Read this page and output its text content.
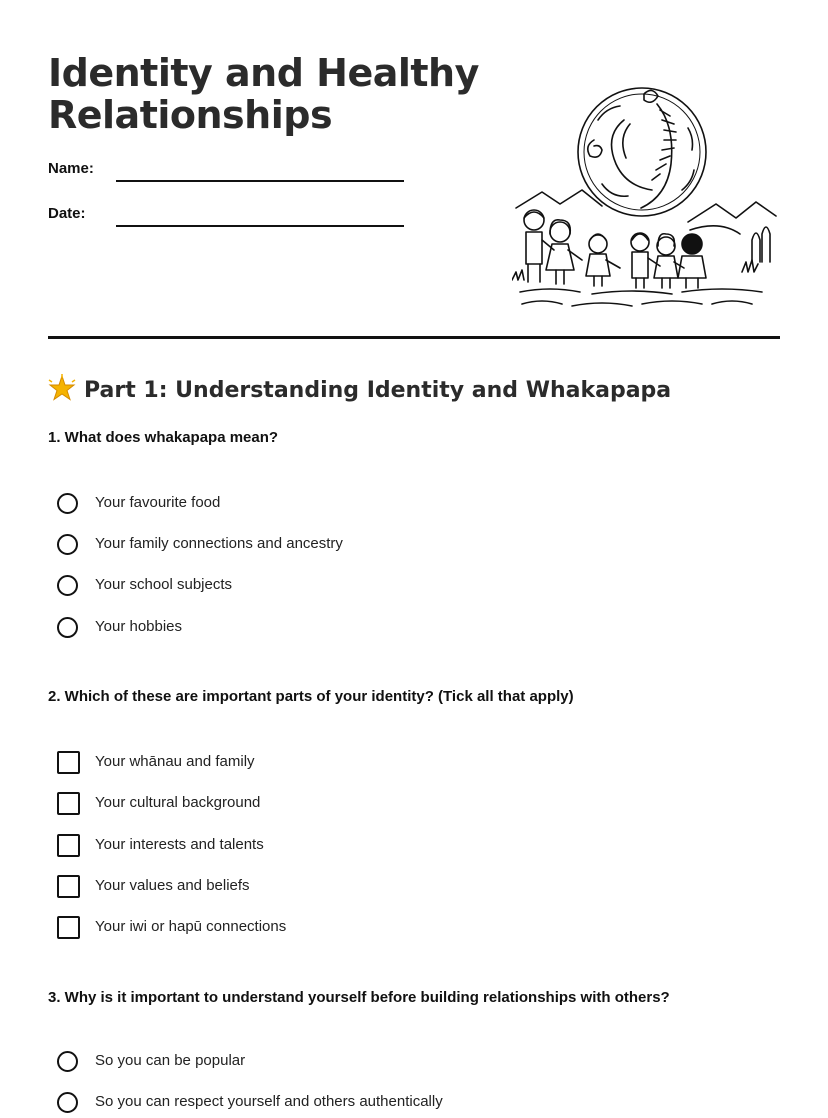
Identity and Healthy Relationships
Name:
Date:
Part 1: Understanding Identity and Whakapapa
1. What does whakapapa mean?
Your favourite food
Your family connections and ancestry
Your school subjects
Your hobbies
2. Which of these are important parts of your identity? (Tick all that apply)
Your whānau and family
Your cultural background
Your interests and talents
Your values and beliefs
Your iwi or hapū connections
3. Why is it important to understand yourself before building relationships with others?
So you can be popular
So you can respect yourself and others authentically
